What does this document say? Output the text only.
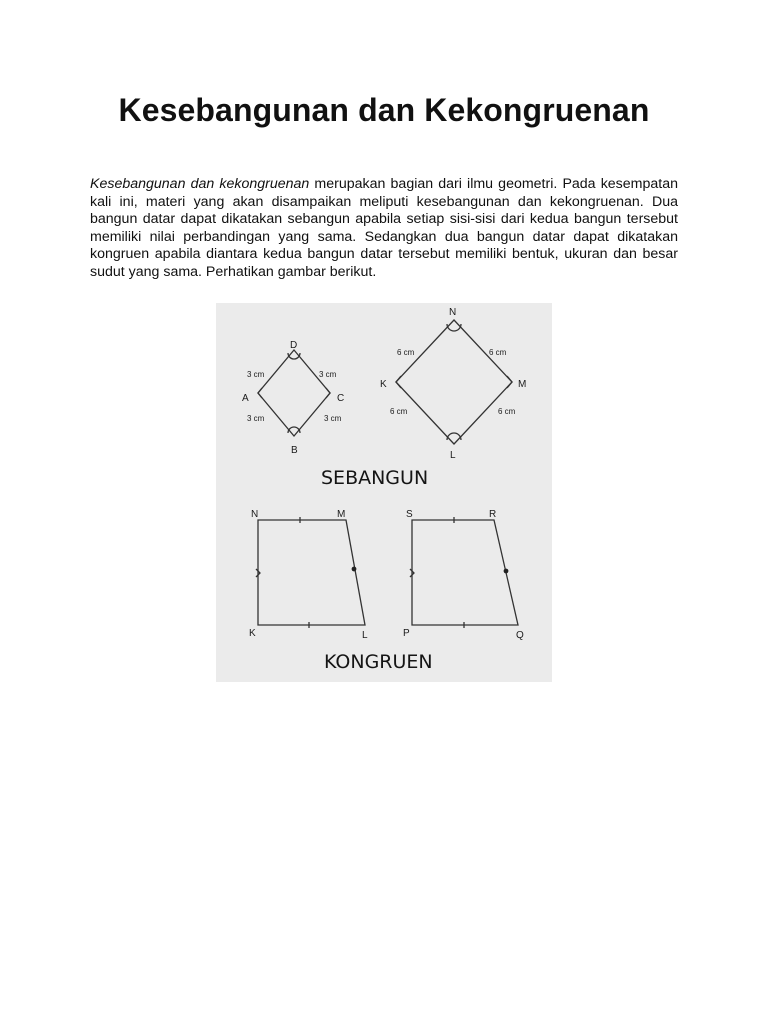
Kesebangunan dan Kekongruenan

Kesebangunan dan kekongruenan merupakan bagian dari ilmu geometri. Pada kesempatan kali ini, materi yang akan disampaikan meliputi kesebangunan dan kekongruenan. Dua bangun datar dapat dikatakan sebangun apabila setiap sisi-sisi dari kedua bangun tersebut memiliki nilai perbandingan yang sama. Sedangkan dua bangun datar dapat dikatakan kongruen apabila diantara kedua bangun datar tersebut memiliki bentuk, ukuran dan besar sudut yang sama. Perhatikan gambar berikut.

D
A	C
B
3 cm	3 cm
3 cm	3 cm
N
K	M
L
6 cm	6 cm
6 cm	6 cm
SEBANGUN
N	M
K	L
S	R
P	Q
KONGRUEN
